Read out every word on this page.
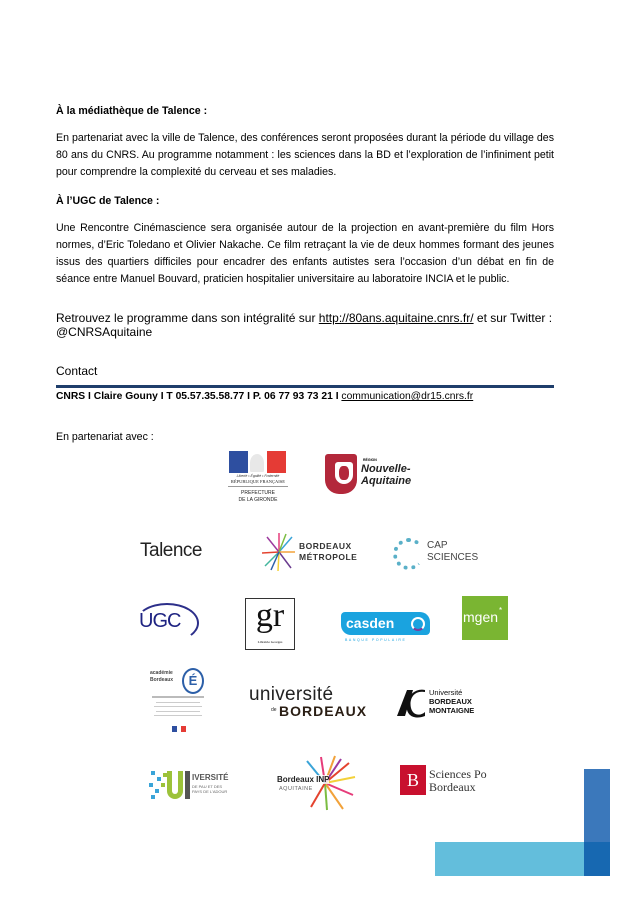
À la médiathèque de Talence :
En partenariat avec la ville de Talence, des conférences seront proposées durant la période du village des 80 ans du CNRS. Au programme notamment : les sciences dans la BD et l’exploration de l’infiniment petit pour comprendre la complexité du cerveau et ses maladies.
À l’UGC de Talence :
Une Rencontre Cinémascience sera organisée autour de la projection en avant-première du film Hors normes, d’Eric Toledano et Olivier Nakache. Ce film retraçant la vie de deux hommes formant des jeunes issus des quartiers difficiles pour encadrer des enfants autistes sera l’occasion d’un débat en fin de séance entre Manuel Bouvard, praticien hospitalier universitaire au laboratoire INCIA et le public.
Retrouvez le programme dans son intégralité sur http://80ans.aquitaine.cnrs.fr/ et sur Twitter :
@CNRSAquitaine
Contact
CNRS I Claire Gouny I T 05.57.35.58.77 I P. 06 77 93 73 21 I communication@dr15.cnrs.fr
En partenariat avec :
Liberté • Égalité • Fraternité
RÉPUBLIQUE FRANÇAISE
PREFECTURE
DE LA GIRONDE
RÉGION
Nouvelle-
Aquitaine
Talence	BORDEAUX
MÉTROPOLE
CAP
SCIENCES
UGC gr
Librairie Georges
casden
BANQUE POPULAIRE
mgen *
académie
Bordeaux	É
université
de BORDEAUX
Université
BORDEAUX
MONTAIGNE
IVERSITÉ
DE PAU ET DES
PAYS DE L'ADOUR
Bordeaux INP
AQUITAINE	B Sciences Po
Bordeaux
